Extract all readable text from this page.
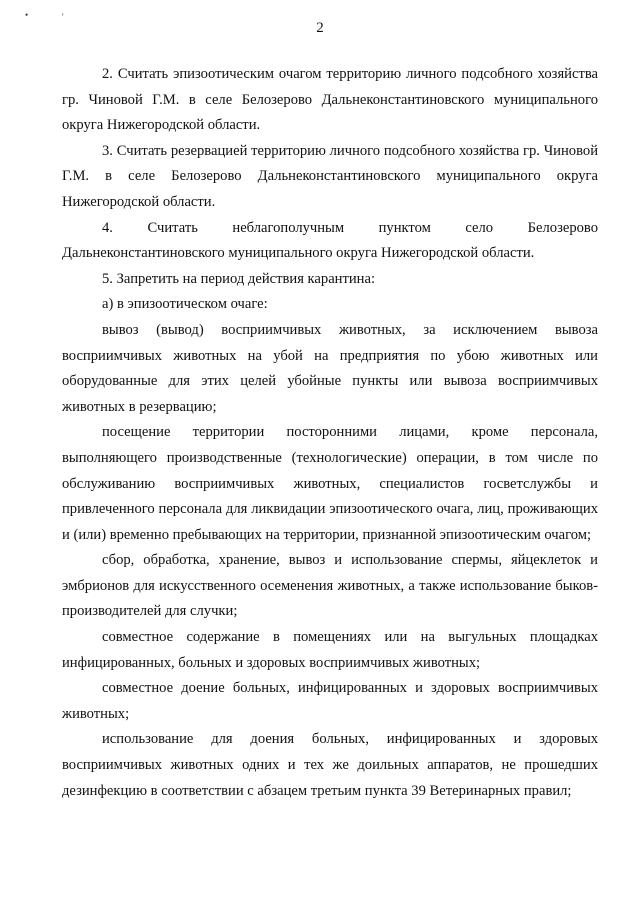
•	'
2

2. Считать эпизоотическим очагом территорию личного подсобного хозяйства гр. Чиновой Г.М. в селе Белозерово Дальнеконстантиновского муниципального округа Нижегородской области.

3. Считать резервацией территорию личного подсобного хозяйства гр. Чиновой Г.М. в селе Белозерово Дальнеконстантиновского муниципального округа Нижегородской области.

4. Считать неблагополучным пунктом село Белозерово Дальнеконстантиновского муниципального округа Нижегородской области.

5. Запретить на период действия карантина:

а) в эпизоотическом очаге:

вывоз (вывод) восприимчивых животных, за исключением вывоза восприимчивых животных на убой на предприятия по убою животных или оборудованные для этих целей убойные пункты или вывоза восприимчивых животных в резервацию;

посещение территории посторонними лицами, кроме персонала, выполняющего производственные (технологические) операции, в том числе по обслуживанию восприимчивых животных, специалистов госветслужбы и привлеченного персонала для ликвидации эпизоотического очага, лиц, проживающих и (или) временно пребывающих на территории, признанной эпизоотическим очагом;

сбор, обработка, хранение, вывоз и использование спермы, яйцеклеток и эмбрионов для искусственного осеменения животных, а также использование быков-производителей для случки;

совместное содержание в помещениях или на выгульных площадках инфицированных, больных и здоровых восприимчивых животных;

совместное доение больных, инфицированных и здоровых восприимчивых животных;

использование для доения больных, инфицированных и здоровых восприимчивых животных одних и тех же доильных аппаратов, не прошедших дезинфекцию в соответствии с абзацем третьим пункта 39 Ветеринарных правил;
